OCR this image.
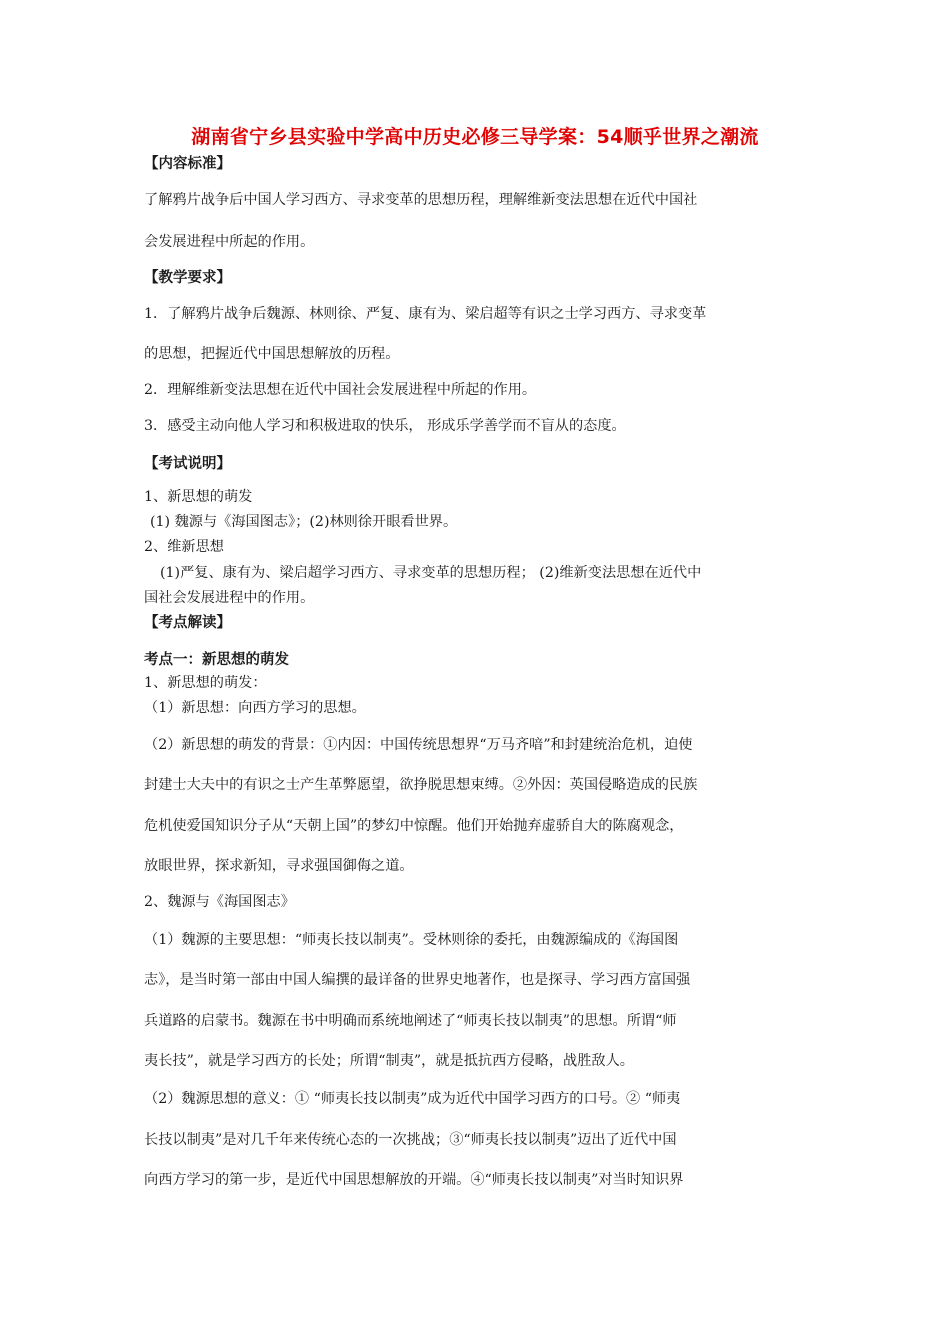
湖南省宁乡县实验中学高中历史必修三导学案：54顺乎世界之潮流
【内容标准】
了解鸦片战争后中国人学习西方、寻求变革的思想历程，理解维新变法思想在近代中国社
会发展进程中所起的作用。
【教学要求】
1．了解鸦片战争后魏源、林则徐、严复、康有为、梁启超等有识之士学习西方、寻求变革
的思想，把握近代中国思想解放的历程。
2．理解维新变法思想在近代中国社会发展进程中所起的作用。
3．感受主动向他人学习和积极进取的快乐， 形成乐学善学而不盲从的态度。
【考试说明】
1、新思想的萌发
(1) 魏源与《海国图志》；(2)林则徐开眼看世界。
2、维新思想
(1)严复、康有为、梁启超学习西方、寻求变革的思想历程； (2)维新变法思想在近代中
国社会发展进程中的作用。
【考点解读】
考点一：新思想的萌发
1、新思想的萌发：
（1）新思想：向西方学习的思想。
（2）新思想的萌发的背景：①内因：中国传统思想界“万马齐喑”和封建统治危机，迫使
封建士大夫中的有识之士产生革弊愿望，欲挣脱思想束缚。②外因：英国侵略造成的民族
危机使爱国知识分子从“天朝上国”的梦幻中惊醒。他们开始抛弃虚骄自大的陈腐观念，
放眼世界，探求新知，寻求强国御侮之道。
2、魏源与《海国图志》
（1）魏源的主要思想：“师夷长技以制夷”。受林则徐的委托，由魏源编成的《海国图
志》，是当时第一部由中国人编撰的最详备的世界史地著作，也是探寻、学习西方富国强
兵道路的启蒙书。魏源在书中明确而系统地阐述了“师夷长技以制夷”的思想。所谓“师
夷长技”，就是学习西方的长处；所谓“制夷”，就是抵抗西方侵略，战胜敌人。
（2）魏源思想的意义：① “师夷长技以制夷”成为近代中国学习西方的口号。② “师夷
长技以制夷”是对几千年来传统心态的一次挑战；③“师夷长技以制夷”迈出了近代中国
向西方学习的第一步，是近代中国思想解放的开端。④“师夷长技以制夷”对当时知识界
